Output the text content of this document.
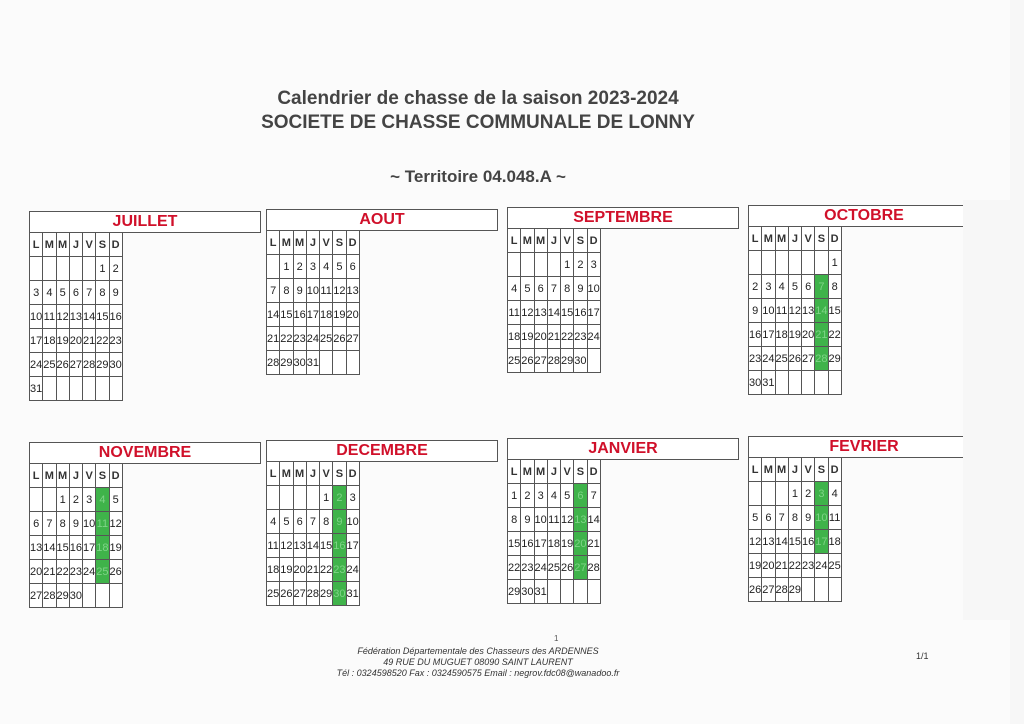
Calendrier de chasse de la saison 2023-2024
SOCIETE DE CHASSE COMMUNALE DE LONNY
~ Territoire 04.048.A ~
JUILLET
L	M	M	J	V	S	D
					1	2
3	4	5	6	7	8	9
10	11	12	13	14	15	16
17	18	19	20	21	22	23
24	25	26	27	28	29	30
31						
AOUT
L	M	M	J	V	S	D
	1	2	3	4	5	6
7	8	9	10	11	12	13
14	15	16	17	18	19	20
21	22	23	24	25	26	27
28	29	30	31			
SEPTEMBRE
L	M	M	J	V	S	D
				1	2	3
4	5	6	7	8	9	10
11	12	13	14	15	16	17
18	19	20	21	22	23	24
25	26	27	28	29	30	
OCTOBRE
L	M	M	J	V	S	D
						1
2	3	4	5	6	7	8
9	10	11	12	13	14	15
16	17	18	19	20	21	22
23	24	25	26	27	28	29
30	31					
NOVEMBRE
L	M	M	J	V	S	D
		1	2	3	4	5
6	7	8	9	10	11	12
13	14	15	16	17	18	19
20	21	22	23	24	25	26
27	28	29	30			
DECEMBRE
L	M	M	J	V	S	D
				1	2	3
4	5	6	7	8	9	10
11	12	13	14	15	16	17
18	19	20	21	22	23	24
25	26	27	28	29	30	31
JANVIER
L	M	M	J	V	S	D
1	2	3	4	5	6	7
8	9	10	11	12	13	14
15	16	17	18	19	20	21
22	23	24	25	26	27	28
29	30	31				
FEVRIER
L	M	M	J	V	S	D
			1	2	3	4
5	6	7	8	9	10	11
12	13	14	15	16	17	18
19	20	21	22	23	24	25
26	27	28	29			
1
Fédération Départementale des Chasseurs des ARDENNES
49 RUE DU MUGUET 08090 SAINT LAURENT
Tél : 0324598520 Fax : 0324590575 Email : negrov.fdc08@wanadoo.fr
1/1
